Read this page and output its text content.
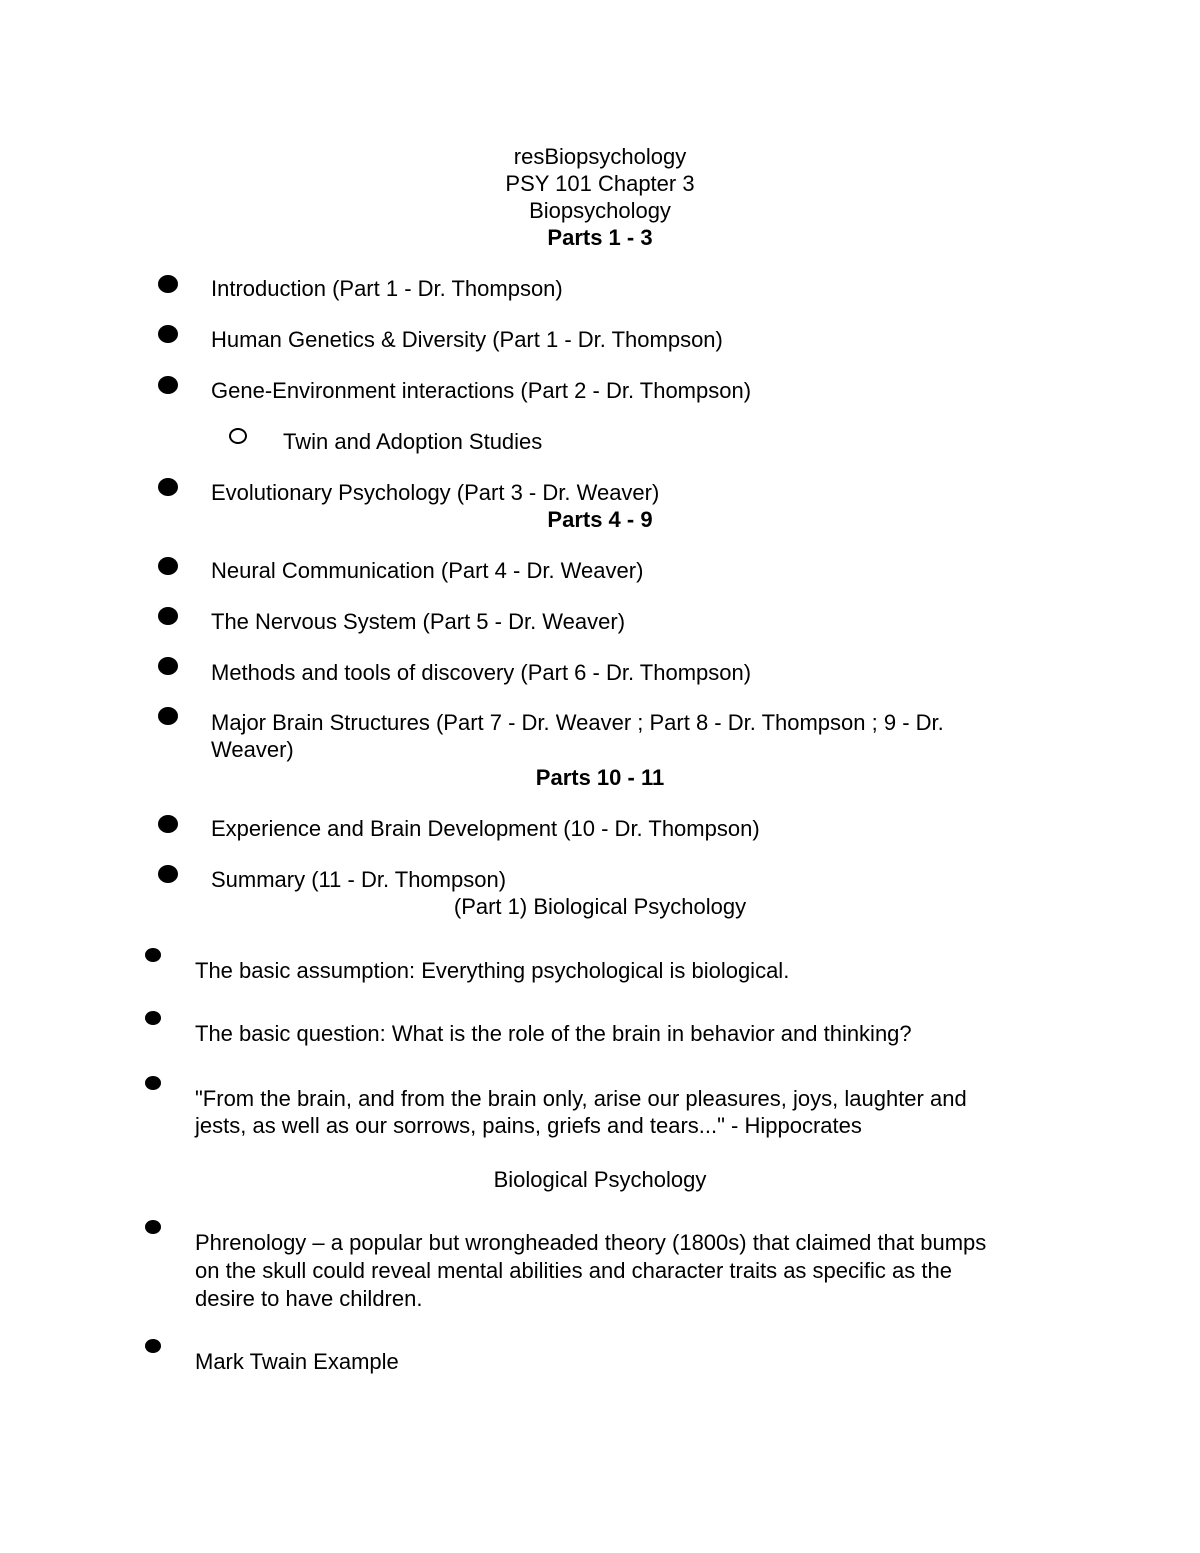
resBiopsychology
PSY 101 Chapter 3
Biopsychology
Parts 1 - 3
Introduction (Part 1 - Dr. Thompson)
Human Genetics & Diversity (Part 1 - Dr. Thompson)
Gene-Environment interactions (Part 2 - Dr. Thompson)
Twin and Adoption Studies
Evolutionary Psychology (Part 3 - Dr. Weaver)
Parts 4 - 9
Neural Communication (Part 4 - Dr. Weaver)
The Nervous System (Part 5 - Dr. Weaver)
Methods and tools of discovery (Part 6 - Dr. Thompson)
Major Brain Structures (Part 7 - Dr. Weaver ; Part 8 - Dr. Thompson ; 9 - Dr.
Weaver)
Parts 10 - 11
Experience and Brain Development (10 - Dr. Thompson)
Summary (11 - Dr. Thompson)
(Part 1) Biological Psychology
The basic assumption: Everything psychological is biological.
The basic question: What is the role of the brain in behavior and thinking?
"From the brain, and from the brain only, arise our pleasures, joys, laughter and
jests, as well as our sorrows, pains, griefs and tears..." - Hippocrates
Biological Psychology
Phrenology – a popular but wrongheaded theory (1800s) that claimed that bumps
on the skull could reveal mental abilities and character traits as specific as the
desire to have children.
Mark Twain Example
